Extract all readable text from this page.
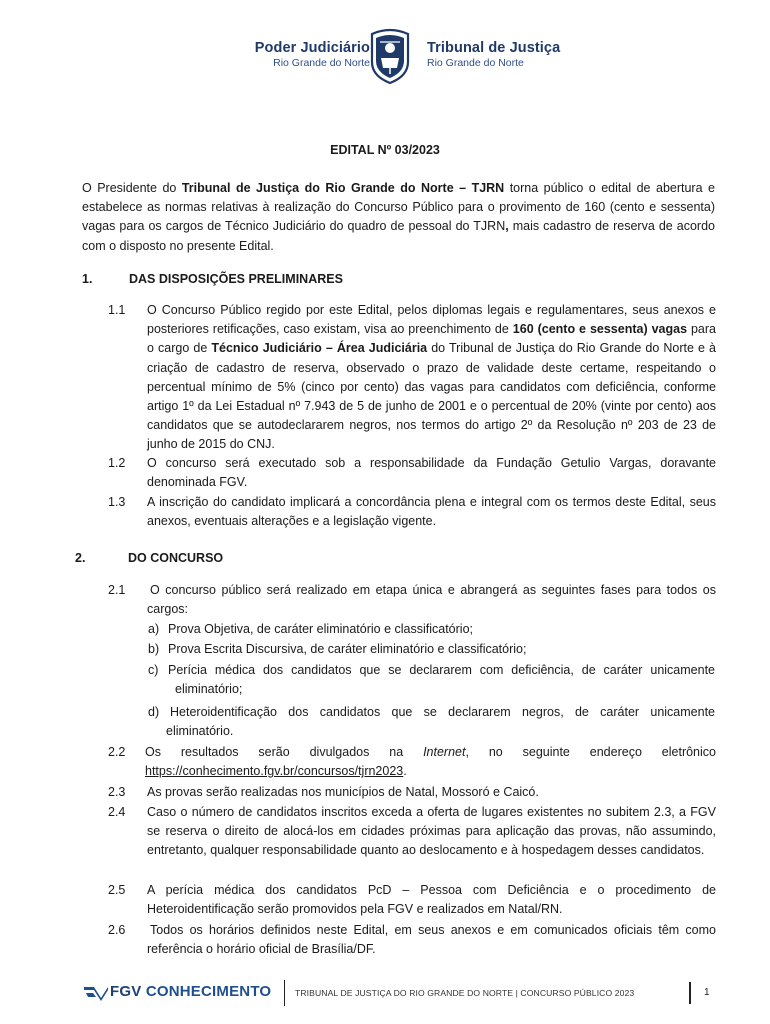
Poder Judiciário
Rio Grande do Norte
Tribunal de Justiça
Rio Grande do Norte
EDITAL Nº 03/2023

O Presidente do Tribunal de Justiça do Rio Grande do Norte – TJRN torna público o edital de abertura e estabelece as normas relativas à realização do Concurso Público para o provimento de 160 (cento e sessenta) vagas para os cargos de Técnico Judiciário do quadro de pessoal do TJRN, mais cadastro de reserva de acordo com o disposto no presente Edital.

1.	DAS DISPOSIÇÕES PRELIMINARES
1.1 O Concurso Público regido por este Edital, pelos diplomas legais e regulamentares, seus anexos e posteriores retificações, caso existam, visa ao preenchimento de 160 (cento e sessenta) vagas para o cargo de Técnico Judiciário – Área Judiciária do Tribunal de Justiça do Rio Grande do Norte e à criação de cadastro de reserva, observado o prazo de validade deste certame, respeitando o percentual mínimo de 5% (cinco por cento) das vagas para candidatos com deficiência, conforme artigo 1º da Lei Estadual nº 7.943 de 5 de junho de 2001 e o percentual de 20% (vinte por cento) aos candidatos que se autodeclararem negros, nos termos do artigo 2º da Resolução nº 203 de 23 de junho de 2015 do CNJ.
1.2 O concurso será executado sob a responsabilidade da Fundação Getulio Vargas, doravante denominada FGV.
1.3 A inscrição do candidato implicará a concordância plena e integral com os termos deste Edital, seus anexos, eventuais alterações e a legislação vigente.
2.	DO CONCURSO
2.1 O concurso público será realizado em etapa única e abrangerá as seguintes fases para todos os cargos:
a) Prova Objetiva, de caráter eliminatório e classificatório;
b) Prova Escrita Discursiva, de caráter eliminatório e classificatório;
c) Perícia médica dos candidatos que se declararem com deficiência, de caráter unicamente
eliminatório;
d) Heteroidentificação dos candidatos que se declararem negros, de caráter unicamente
eliminatório.
2.2 Os resultados serão divulgados na Internet, no seguinte endereço eletrônico
https://conhecimento.fgv.br/concursos/tjrn2023.
2.3 As provas serão realizadas nos municípios de Natal, Mossoró e Caicó.
2.4 Caso o número de candidatos inscritos exceda a oferta de lugares existentes no subitem 2.3, a FGV se reserva o direito de alocá-los em cidades próximas para aplicação das provas, não assumindo, entretanto, qualquer responsabilidade quanto ao deslocamento e à hospedagem desses candidatos.
2.5 A perícia médica dos candidatos PcD – Pessoa com Deficiência e o procedimento de Heteroidentificação serão promovidos pela FGV e realizados em Natal/RN.
2.6 Todos os horários definidos neste Edital, em seus anexos e em comunicados oficiais têm como referência o horário oficial de Brasília/DF.
FGV CONHECIMENTO	TRIBUNAL DE JUSTIÇA DO RIO GRANDE DO NORTE | CONCURSO PÚBLICO 2023	1
